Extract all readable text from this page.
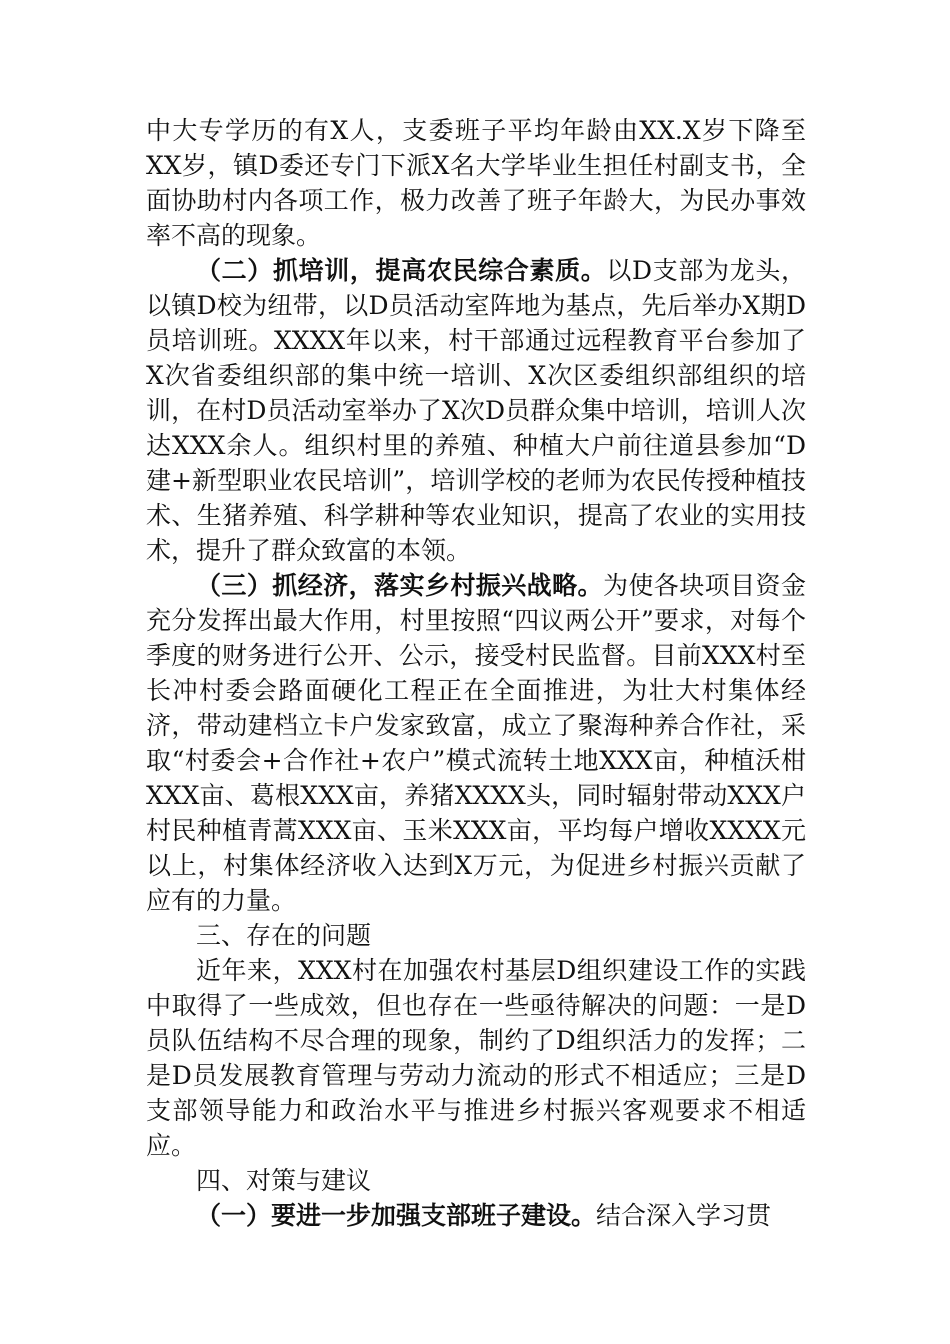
中大专学历的有X人，支委班子平均年龄由XX.X岁下降至XX岁，镇D委还专门下派X名大学毕业生担任村副支书，全面协助村内各项工作，极力改善了班子年龄大，为民办事效率不高的现象。

（二）抓培训，提高农民综合素质。以D支部为龙头，以镇D校为纽带，以D员活动室阵地为基点，先后举办X期D员培训班。XXXX年以来，村干部通过远程教育平台参加了X次省委组织部的集中统一培训、X次区委组织部组织的培训，在村D员活动室举办了X次D员群众集中培训，培训人次达XXX余人。组织村里的养殖、种植大户前往道县参加“D建+新型职业农民培训”，培训学校的老师为农民传授种植技术、生猪养殖、科学耕种等农业知识，提高了农业的实用技术，提升了群众致富的本领。

（三）抓经济，落实乡村振兴战略。为使各块项目资金充分发挥出最大作用，村里按照“四议两公开”要求，对每个季度的财务进行公开、公示，接受村民监督。目前XXX村至长冲村委会路面硬化工程正在全面推进，为壮大村集体经济，带动建档立卡户发家致富，成立了聚海种养合作社，采取“村委会+合作社+农户”模式流转土地XXX亩，种植沃柑XXX亩、葛根XXX亩，养猪XXXX头，同时辐射带动XXX户村民种植青蒿XXX亩、玉米XXX亩，平均每户增收XXXX元以上，村集体经济收入达到X万元，为促进乡村振兴贡献了应有的力量。

三、存在的问题

近年来，XXX村在加强农村基层D组织建设工作的实践中取得了一些成效，但也存在一些亟待解决的问题：一是D员队伍结构不尽合理的现象，制约了D组织活力的发挥；二是D员发展教育管理与劳动力流动的形式不相适应；三是D支部领导能力和政治水平与推进乡村振兴客观要求不相适应。

四、对策与建议

（一）要进一步加强支部班子建设。结合深入学习贯
